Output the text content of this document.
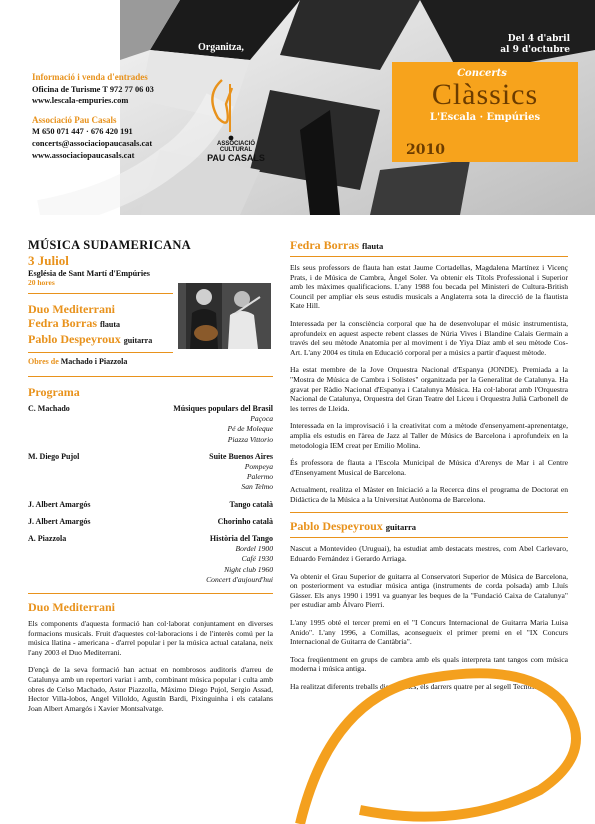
Organitza,
Del 4 d'abril
al 9 d'octubre
Informació i venda d'entrades
Oficina de Turisme T 972 77 06 03
www.lescala-empuries.com
Associació Pau Casals
M 650 071 447 · 676 420 191
concerts@associaciopaucasals.cat
www.associaciopaucasals.cat
ASSOCIACIÓ CULTURAL
PAU CASALS
Concerts
Clàssics
L'Escala · Empúries
2010
MÚSICA SUDAMERICANA
3 Juliol
Església de Sant Martí d'Empúries
20 hores
Duo Mediterrani
Fedra Borras flauta
Pablo Despeyroux guitarra
Obres de Machado i Piazzola
Programa
C. Machado	Músiques populars del Brasil
Paçoca
Pé de Moleque
Piazza Vittorio
M. Diego Pujol	Suite Buenos Aires
Pompeya
Palermo
San Telmo
J. Albert Amargós	Tango català
J. Albert Amargós	Chorinho català
A. Piazzola	Història del Tango
Bordel 1900
Café 1930
Night club 1960
Concert d'aujourd'hui
Duo Mediterrani

Els components d'aquesta formació han col·laborat conjuntament en diverses formacions musicals. Fruit d'aquestes col·laboracions i de l'interès comú per la música llatina - americana - d'arrel popular i per la música actual catalana, neix l'any 2003 el Duo Mediterrani.

D'ençà de la seva formació han actuat en nombrosos auditoris d'arreu de Catalunya amb un repertori variat i amb, combinant música popular i culta amb obres de Celso Machado, Astor Piazzolla, Máximo Diego Pujol, Sergio Assad, Hector Villa-lobos, Angel Villoldo, Agustín Bardi, Pixinguinha i els catalans Joan Albert Amargós i Xavier Montsalvatge.

Fedra Borras flauta

Els seus professors de flauta han estat Jaume Cortadellas, Magdalena Martínez i Vicenç Prats, i de Música de Cambra, Àngel Soler. Va obtenir els Títols Professional i Superior amb les màximes qualificacions. L'any 1988 fou becada pel Ministeri de Cultura-British Council per ampliar els seus estudis musicals a Anglaterra sota la direcció de la flautista Kate Hill.

Interessada per la consciència corporal que ha de desenvolupar el músic instrumentista, aprofundeix en aquest aspecte rebent classes de Núria Vives i Blandine Calais Germain a través del seu mètode Anatomia per al moviment i de Yiya Díaz amb el seu mètode Cos-Art. L'any 2004 es titula en Educació corporal per a músics a partir d'aquest mètode.

Ha estat membre de la Jove Orquestra Nacional d'Espanya (JONDE). Premiada a la "Mostra de Música de Cambra i Solistes" organitzada per la Generalitat de Catalunya. Ha gravat per Ràdio Nacional d'Espanya i Catalunya Música. Ha col·laborat amb l'Orquestra Nacional de Catalunya, Orquestra del Gran Teatre del Liceu i Orquestra Julià Carbonell de les terres de Lleida.

Interessada en la improvisació i la creativitat com a mètode d'ensenyament-aprenentatge, amplia els estudis en l'àrea de Jazz al Taller de Músics de Barcelona i aprofundeix en la metodologia IEM creat per Emilio Molina.

És professora de flauta a l'Escola Municipal de Música d'Arenys de Mar i al Centre d'Ensenyament Musical de Barcelona.

Actualment, realitza el Màster en Iniciació a la Recerca dins el programa de Doctorat en Didàctica de la Música a la Universitat Autònoma de Barcelona.

Pablo Despeyroux guitarra

Nascut a Montevideo (Uruguai), ha estudiat amb destacats mestres, com Abel Carlevaro, Eduardo Fernández i Gerardo Arriaga.

Va obtenir el Grau Superior de guitarra al Conservatori Superior de Música de Barcelona, on posteriorment va estudiar música antiga (instruments de corda polsada) amb Lluís Gàsser. Els anys 1990 i 1991 va guanyar les beques de la "Fundació Caixa de Catalunya" per estudiar amb Álvaro Pierri.

L'any 1995 obté el tercer premi en el "I Concurs Internacional de Guitarra Maria Luisa Anido". L'any 1996, a Comillas, aconsegueix el primer premi en el "IX Concurs Internacional de Guitarra de Cantàbria".

Toca freqüentment en grups de cambra amb els quals interpreta tant tangos com música moderna i música antiga.

Ha realitzat diferents treballs discogràfics, els darrers quatre per al segell Tecnosaga.
